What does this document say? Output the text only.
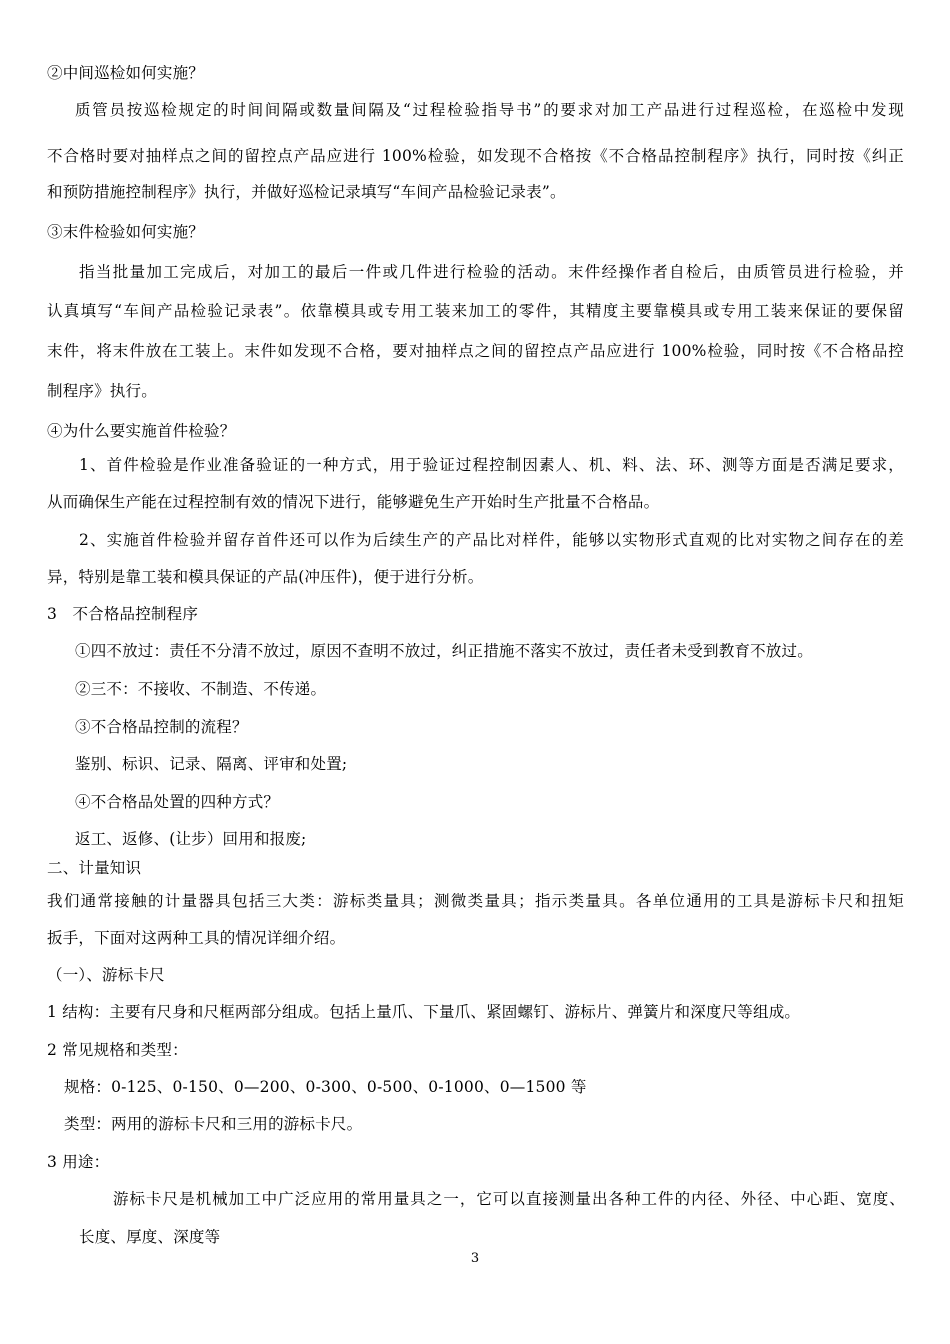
②中间巡检如何实施？
质管员按巡检规定的时间间隔或数量间隔及“过程检验指导书”的要求对加工产品进行过程巡检，在巡检中发现
不合格时要对抽样点之间的留控点产品应进行 100%检验，如发现不合格按《不合格品控制程序》执行，同时按《纠正
和预防措施控制程序》执行，并做好巡检记录填写“车间产品检验记录表”。
③末件检验如何实施？
指当批量加工完成后，对加工的最后一件或几件进行检验的活动。末件经操作者自检后，由质管员进行检验，并
认真填写“车间产品检验记录表”。依靠模具或专用工装来加工的零件，其精度主要靠模具或专用工装来保证的要保留
末件，将末件放在工装上。末件如发现不合格，要对抽样点之间的留控点产品应进行 100%检验，同时按《不合格品控
制程序》执行。
④为什么要实施首件检验？
1、首件检验是作业准备验证的一种方式，用于验证过程控制因素人、机、料、法、环、测等方面是否满足要求，
从而确保生产能在过程控制有效的情况下进行，能够避免生产开始时生产批量不合格品。
2、实施首件检验并留存首件还可以作为后续生产的产品比对样件，能够以实物形式直观的比对实物之间存在的差
异，特别是靠工装和模具保证的产品(冲压件)，便于进行分析。
3   不合格品控制程序
①四不放过：责任不分清不放过，原因不查明不放过，纠正措施不落实不放过，责任者未受到教育不放过。
②三不：不接收、不制造、不传递。
③不合格品控制的流程？
鉴别、标识、记录、隔离、评审和处置;
④不合格品处置的四种方式？
返工、返修、(让步）回用和报废;
二、计量知识
我们通常接触的计量器具包括三大类：游标类量具；测微类量具；指示类量具。各单位通用的工具是游标卡尺和扭矩
扳手，下面对这两种工具的情况详细介绍。
（一）、游标卡尺
1 结构：主要有尺身和尺框两部分组成。包括上量爪、下量爪、紧固螺钉、游标片、弹簧片和深度尺等组成。
2 常见规格和类型：
规格：0-125、0-150、0—200、0-300、0-500、0-1000、0—1500 等
类型：两用的游标卡尺和三用的游标卡尺。
3 用途：
游标卡尺是机械加工中广泛应用的常用量具之一，它可以直接测量出各种工件的内径、外径、中心距、宽度、
长度、厚度、深度等
3
